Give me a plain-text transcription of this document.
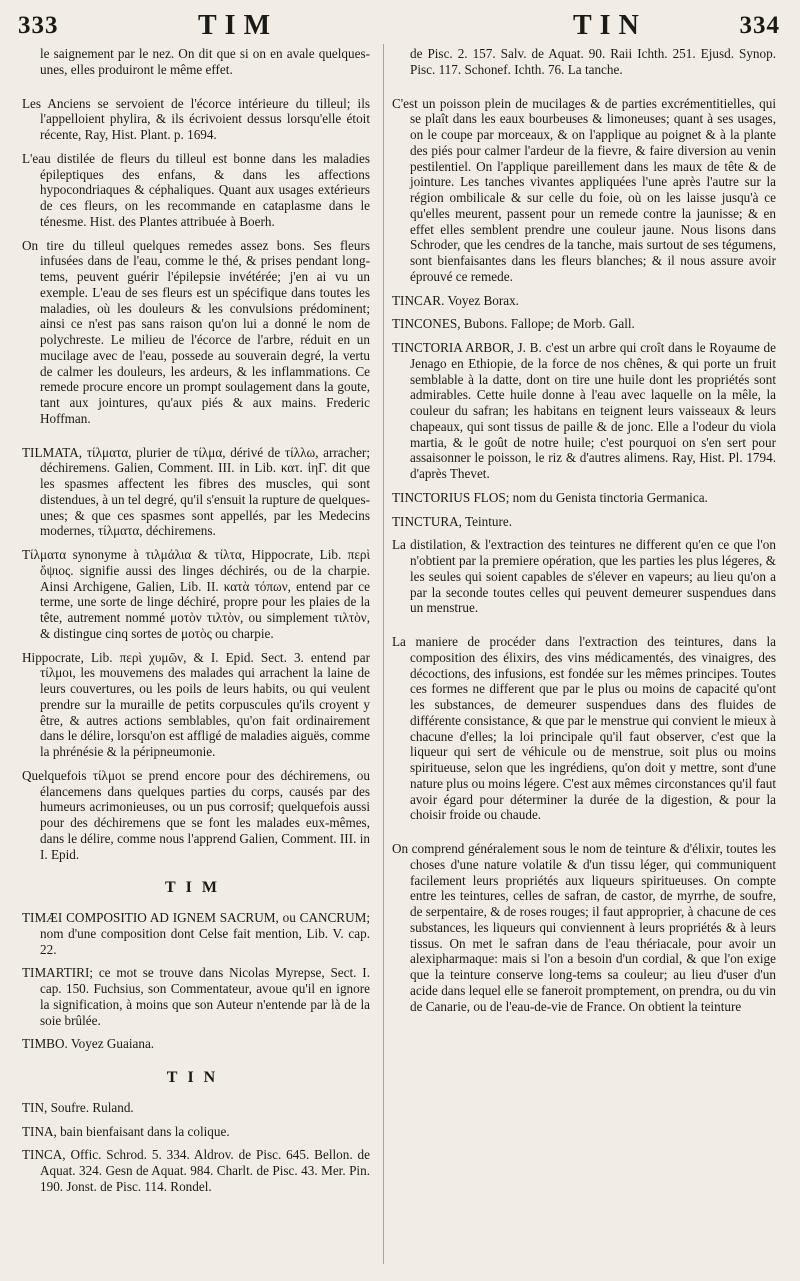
333	TIM	TIN	334

le saignement par le nez. On dit que si on en avale quelques-unes, elles produiront le même effet.

Les Anciens se servoient de l'écorce intérieure du tilleul; ils l'appelloient phylira, & ils écrivoient dessus lorsqu'elle étoit récente, Ray, Hist. Plant. p. 1694.

L'eau distilée de fleurs du tilleul est bonne dans les maladies épileptiques des enfans, & dans les affections hypocondriaques & céphaliques. Quant aux usages extérieurs de ces fleurs, on les recommande en cataplasme dans le ténesme. Hist. des Plantes attribuée à Boerh.

On tire du tilleul quelques remedes assez bons. Ses fleurs infusées dans de l'eau, comme le thé, & prises pendant long-tems, peuvent guérir l'épilepsie invétérée; j'en ai vu un exemple. L'eau de ses fleurs est un spécifique dans toutes les maladies, où les douleurs & les convulsions prédominent; ainsi ce n'est pas sans raison qu'on lui a donné le nom de polychreste. Le milieu de l'écorce de l'arbre, réduit en un mucilage avec de l'eau, possede au souverain degré, la vertu de calmer les douleurs, les ardeurs, & les inflammations. Ce remede procure encore un prompt soulagement dans la goute, tant aux jointures, qu'aux piés & aux mains. Frederic Hoffman.

TILMATA, τίλματα, plurier de τίλμα, dérivé de τίλλω, arracher; déchiremens. Galien, Comment. III. in Lib. κατ. ἰηΓ. dit que les spasmes affectent les fibres des muscles, qui sont distendues, à un tel degré, qu'il s'ensuit la rupture de quelques-unes; & que ces spasmes sont appellés, par les Medecins modernes, τίλματα, déchiremens.

Τίλματα synonyme à τιλμάλια & τίλτα, Hippocrate, Lib. περὶ ὄψιος. signifie aussi des linges déchirés, ou de la charpie. Ainsi Archigene, Galien, Lib. II. κατὰ τόπων, entend par ce terme, une sorte de linge déchiré, propre pour les plaies de la tête, autrement nommé μοτὸν τιλτὸν, ou simplement τιλτὸν, & distingue cinq sortes de μοτὸς ou charpie.

Hippocrate, Lib. περὶ χυμῶν, & I. Epid. Sect. 3. entend par τίλμοι, les mouvemens des malades qui arrachent la laine de leurs couvertures, ou les poils de leurs habits, ou qui veulent prendre sur la muraille de petits corpuscules qu'ils croyent y être, & autres actions semblables, qu'on fait ordinairement dans le délire, lorsqu'on est affligé de maladies aiguës, comme la phrénésie & la péripneumonie.

Quelquefois τίλμοι se prend encore pour des déchiremens, ou élancemens dans quelques parties du corps, causés par des humeurs acrimonieuses, ou un pus corrosif; quelquefois aussi pour des déchiremens que se font les malades eux-mêmes, dans le délire, comme nous l'apprend Galien, Comment. III. in I. Epid.

TIM

TIMÆI COMPOSITIO AD IGNEM SACRUM, ou CANCRUM; nom d'une composition dont Celse fait mention, Lib. V. cap. 22.

TIMARTIRI; ce mot se trouve dans Nicolas Myrepse, Sect. I. cap. 150. Fuchsius, son Commentateur, avoue qu'il en ignore la signification, à moins que son Auteur n'entende par là de la soie brûlée.

TIMBO. Voyez Guaiana.

TIN

TIN, Soufre. Ruland.

TINA, bain bienfaisant dans la colique.

TINCA, Offic. Schrod. 5. 334. Aldrov. de Pisc. 645. Bellon. de Aquat. 324. Gesn de Aquat. 984. Charlt. de Pisc. 43. Mer. Pin. 190. Jonst. de Pisc. 114. Rondel.

de Pisc. 2. 157. Salv. de Aquat. 90. Raii Ichth. 251. Ejusd. Synop. Pisc. 117. Schonef. Ichth. 76. La tanche.

C'est un poisson plein de mucilages & de parties excrémentitielles, qui se plaît dans les eaux bourbeuses & limoneuses; quant à ses usages, on le coupe par morceaux, & on l'applique au poignet & à la plante des piés pour calmer l'ardeur de la fievre, & faire diversion au venin pestilentiel. On l'applique pareillement dans les maux de tête & de jointure. Les tanches vivantes appliquées l'une après l'autre sur la région ombilicale & sur celle du foie, où on les laisse jusqu'à ce qu'elles meurent, passent pour un remede contre la jaunisse; & en effet elles semblent prendre une couleur jaune. Nous lisons dans Schroder, que les cendres de la tanche, mais surtout de ses tégumens, sont bienfaisantes dans les fleurs blanches; & il nous assure avoir éprouvé ce remede.

TINCAR. Voyez Borax.

TINCONES, Bubons. Fallope; de Morb. Gall.

TINCTORIA ARBOR, J. B. c'est un arbre qui croît dans le Royaume de Jenago en Ethiopie, de la force de nos chênes, & qui porte un fruit semblable à la datte, dont on tire une huile dont les propriétés sont admirables. Cette huile donne à l'eau avec laquelle on la mêle, la couleur du safran; les habitans en teignent leurs vaisseaux & leurs chapeaux, qui sont tissus de paille & de jonc. Elle a l'odeur du viola martia, & le goût de notre huile; c'est pourquoi on s'en sert pour assaisonner le poisson, le riz & d'autres alimens. Ray, Hist. Pl. 1794. d'après Thevet.

TINCTORIUS FLOS; nom du Genista tinctoria Germanica.

TINCTURA, Teinture.

La distilation, & l'extraction des teintures ne different qu'en ce que l'on n'obtient par la premiere opération, que les parties les plus légeres, & les seules qui soient capables de s'élever en vapeurs; au lieu qu'on a par la seconde toutes celles qui peuvent demeurer suspendues dans un menstrue.

La maniere de procéder dans l'extraction des teintures, dans la composition des élixirs, des vins médicamentés, des vinaigres, des décoctions, des infusions, est fondée sur les mêmes principes. Toutes ces formes ne different que par le plus ou moins de capacité qu'ont les substances, de demeurer suspendues dans des fluides de différente consistance, & que par le menstrue qui convient le mieux à chacune d'elles; la loi principale qu'il faut observer, c'est que la liqueur qui sert de véhicule ou de menstrue, soit plus ou moins spiritueuse, selon que les ingrédiens, qu'on doit y mettre, sont d'une nature plus ou moins légere. C'est aux mêmes circonstances qu'il faut avoir égard pour déterminer la durée de la digestion, & pour la choisir froide ou chaude.

On comprend généralement sous le nom de teinture & d'élixir, toutes les choses d'une nature volatile & d'un tissu léger, qui communiquent facilement leurs propriétés aux liqueurs spiritueuses. On compte entre les teintures, celles de safran, de castor, de myrrhe, de soufre, de serpentaire, & de roses rouges; il faut approprier, à chacune de ces substances, les liqueurs qui conviennent à leurs propriétés & à leurs tissus. On met le safran dans de l'eau thériacale, pour avoir un alexipharmaque: mais si l'on a besoin d'un cordial, & que l'on exige que la teinture conserve long-tems sa couleur; au lieu d'user d'un acide dans lequel elle se faneroit promptement, on prendra, ou du vin de Canarie, ou de l'eau-de-vie de France. On obtient la teinture
